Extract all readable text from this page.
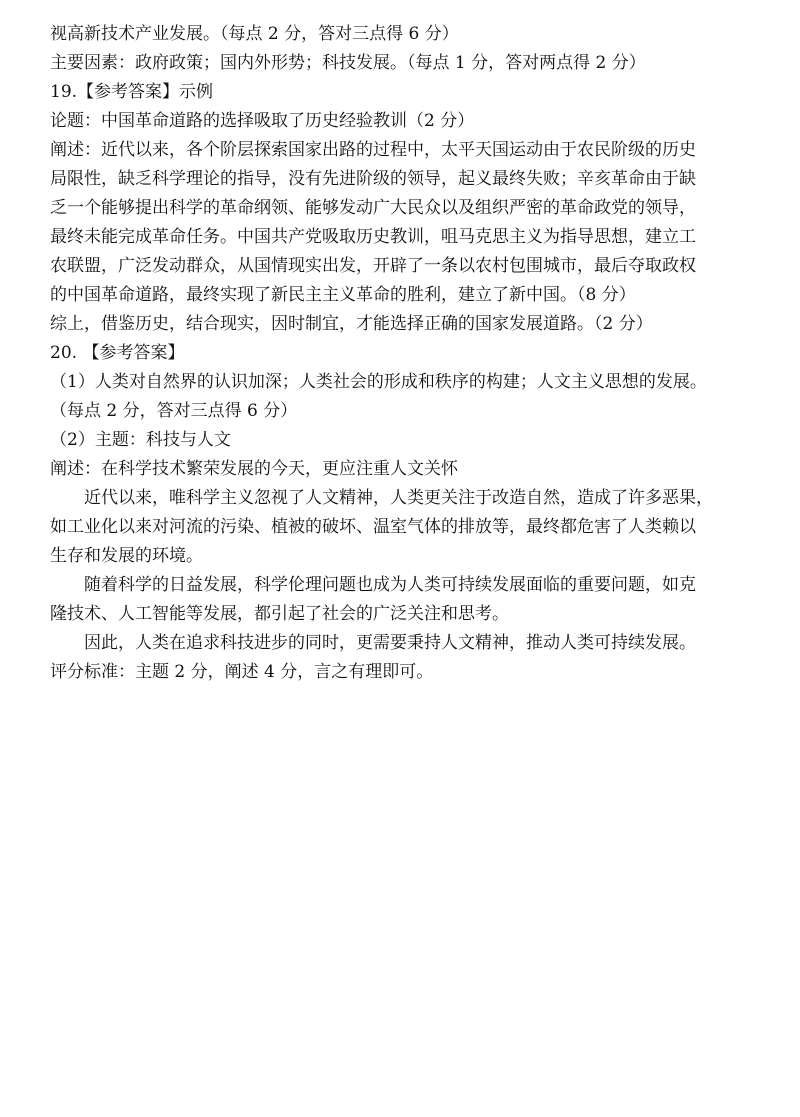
视高新技术产业发展。（每点 2 分，答对三点得 6 分）
主要因素：政府政策；国内外形势；科技发展。（每点 1 分，答对两点得 2 分）
19.【参考答案】示例
论题：中国革命道路的选择吸取了历史经验教训（2 分）
阐述：近代以来，各个阶层探索国家出路的过程中，太平天国运动由于农民阶级的历史
局限性，缺乏科学理论的指导，没有先进阶级的领导，起义最终失败；辛亥革命由于缺
乏一个能够提出科学的革命纲领、能够发动广大民众以及组织严密的革命政党的领导，
最终未能完成革命任务。中国共产党吸取历史教训，咀马克思主义为指导思想，建立工
农联盟，广泛发动群众，从国情现实出发，开辟了一条以农村包围城市，最后夺取政权
的中国革命道路，最终实现了新民主主义革命的胜利，建立了新中国。（8 分）
综上，借鉴历史，结合现实，因时制宜，才能选择正确的国家发展道路。（2 分）
20. 【参考答案】
（1）人类对自然界的认识加深；人类社会的形成和秩序的构建；人文主义思想的发展。
（每点 2 分，答对三点得 6 分）
（2）主题：科技与人文
阐述：在科学技术繁荣发展的今天，更应注重人文关怀
近代以来，唯科学主义忽视了人文精神，人类更关注于改造自然，造成了许多恶果，
如工业化以来对河流的污染、植被的破坏、温室气体的排放等，最终都危害了人类赖以
生存和发展的环境。
随着科学的日益发展，科学伦理问题也成为人类可持续发展面临的重要问题，如克
隆技术、人工智能等发展，都引起了社会的广泛关注和思考。
因此，人类在追求科技进步的同时，更需要秉持人文精神，推动人类可持续发展。
评分标准：主题 2 分，阐述 4 分，言之有理即可。
